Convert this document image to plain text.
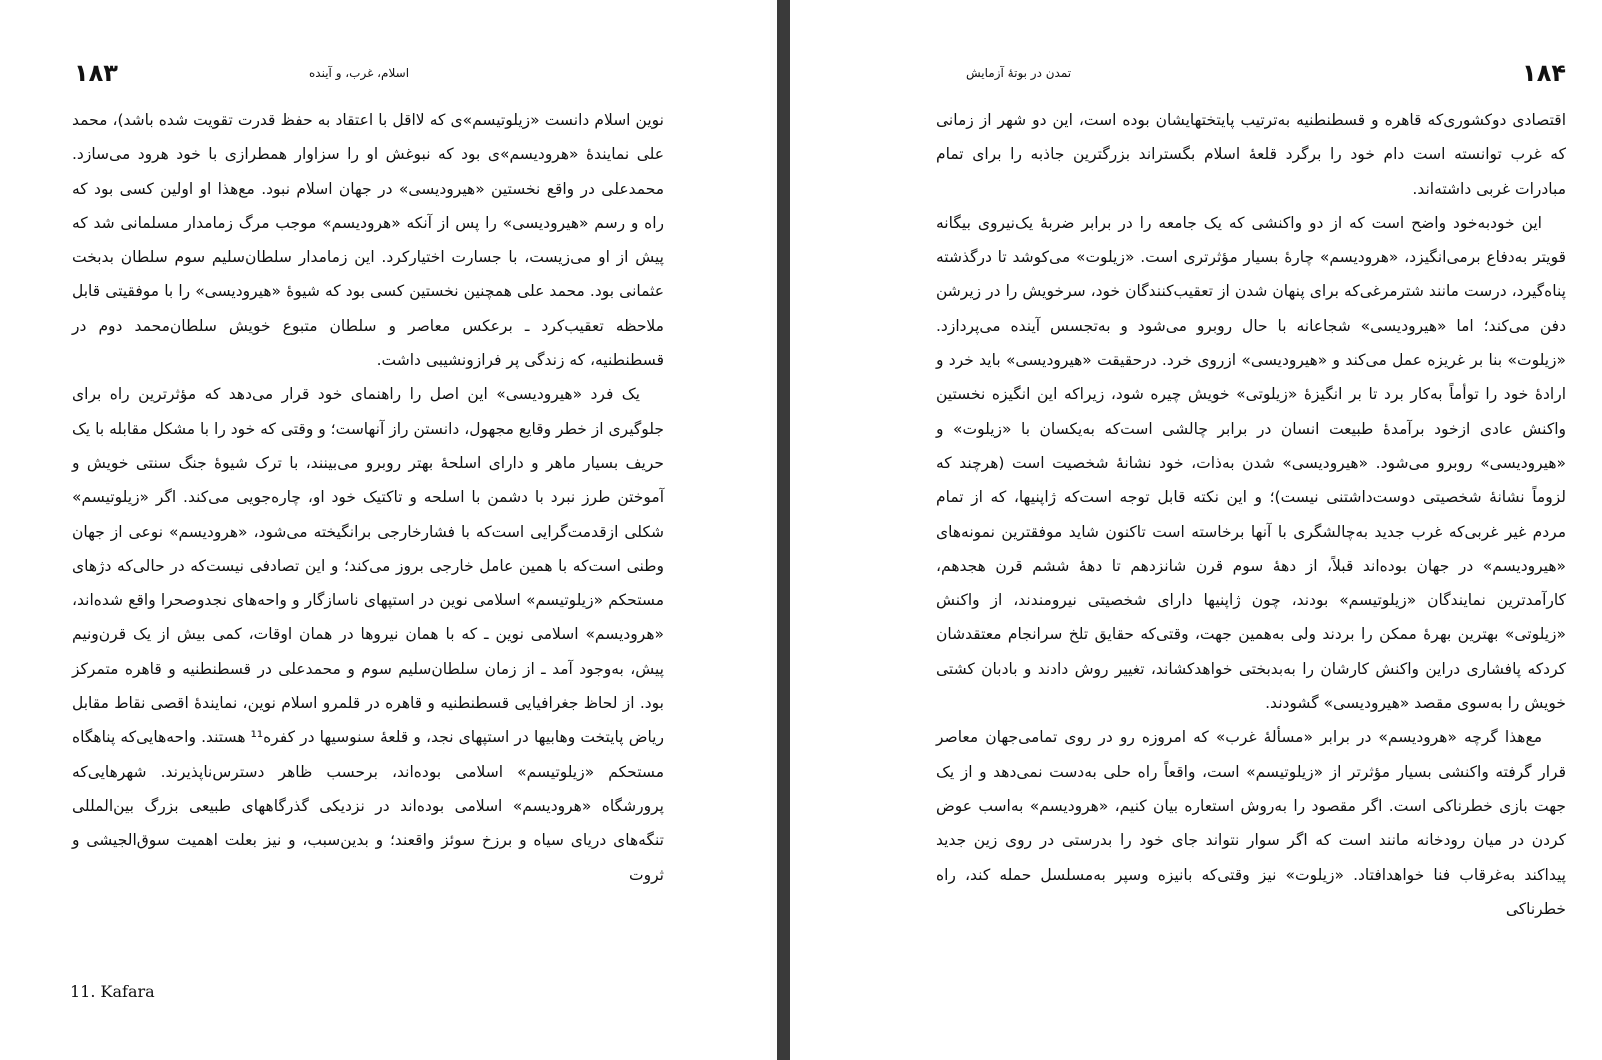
۱۸۳	اسلام، غرب، و آینده

نوین اسلام دانست «زیلوتیسم»ی که لااقل با اعتقاد به حفظ قدرت تقویت شده باشد)، محمد علی نمایندهٔ «هرودیسم»ی بود که نبوغش او را سزاوار همطرازی با خود هرود می‌سازد. محمدعلی در واقع نخستین «هیرودیسی» در جهان اسلام نبود. مع‌هذا او اولین کسی بود که راه و رسم «هیرودیسی» را پس از آنکه «هرودیسم» موجب مرگ زمامدار مسلمانی شد که پیش از او می‌زیست، با جسارت اختیارکرد. این زمامدار سلطان‌سلیم سوم سلطان بدبخت عثمانی بود. محمد علی همچنین نخستین کسی بود که شیوهٔ «هیرودیسی» را با موفقیتی قابل ملاحظه تعقیب‌کرد ـ برعکس معاصر و سلطان متبوع خویش سلطان‌محمد دوم در قسطنطنیه، که زندگی پر فرازونشیبی داشت.

یک فرد «هیرودیسی» این اصل را راهنمای خود قرار می‌دهد که مؤثرترین راه برای جلوگیری از خطر وقایع مجهول، دانستن راز آنهاست؛ و وقتی که خود را با مشکل مقابله با یک حریف بسیار ماهر و دارای اسلحهٔ بهتر روبرو می‌بینند، با ترک شیوهٔ جنگ سنتی خویش و آموختن طرز نبرد با دشمن با اسلحه و تاکتیک خود او، چاره‌جویی می‌کند. اگر «زیلوتیسم» شکلی ازقدمت‌گرایی است‌که با فشارخارجی برانگیخته می‌شود، «هرودیسم» نوعی از جهان وطنی است‌که با همین عامل خارجی بروز می‌کند؛ و این تصادفی نیست‌که در حالی‌که دژهای مستحکم «زیلوتیسم» اسلامی نوین در استپهای ناسازگار و واحه‌های نجدوصحرا واقع شده‌اند، «هرودیسم» اسلامی نوین ـ که با همان نیروها در همان اوقات، کمی بیش از یک قرن‌ونیم پیش، به‌وجود آمد ـ از زمان سلطان‌سلیم سوم و محمدعلی در قسطنطنیه و قاهره متمرکز بود. از لحاظ جغرافیایی قسطنطنیه و قاهره در قلمرو اسلام نوین، نمایندهٔ اقصی نقاط مقابل ریاض پایتخت وهابیها در استپهای نجد، و قلعهٔ سنوسیها در کفره¹¹ هستند. واحه‌هایی‌که پناهگاه مستحکم «زیلوتیسم» اسلامی بوده‌اند، برحسب ظاهر دسترس‌ناپذیرند. شهرهایی‌که پرورشگاه «هرودیسم» اسلامی بوده‌اند در نزدیکی گذرگاههای طبیعی بزرگ بین‌المللی تنگه‌های دریای سیاه و برزخ سوئز واقعند؛ و بدین‌سبب، و نیز بعلت اهمیت سوق‌الجیشی و ثروت

11. Kafara
تمدن در بوتهٔ آزمایش	۱۸۴

اقتصادی دوکشوری‌که قاهره و قسطنطنیه به‌ترتیب پایتختهایشان بوده است، این دو شهر از زمانی که غرب توانسته است دام خود را برگرد قلعهٔ اسلام بگستراند بزرگترین جاذبه را برای تمام مبادرات غربی داشته‌اند.

این خودبه‌خود واضح است که از دو واکنشی که یک جامعه را در برابر ضربهٔ یک‌نیروی بیگانه قویتر به‌دفاع برمی‌انگیزد، «هرودیسم» چارهٔ بسیار مؤثرتری است. «زیلوت» می‌کوشد تا درگذشته پناه‌گیرد، درست مانند شترمرغی‌که برای پنهان شدن از تعقیب‌کنندگان خود، سرخویش را در زیرشن دفن می‌کند؛ اما «هیرودیسی» شجاعانه با حال روبرو می‌شود و به‌تجسس آینده می‌پردازد. «زیلوت» بنا بر غریزه عمل می‌کند و «هیرودیسی» ازروی خرد. درحقیقت «هیرودیسی» باید خرد و ارادهٔ خود را توأماً به‌کار برد تا بر انگیزهٔ «زیلوتی» خویش چیره شود، زیراکه این انگیزه نخستین واکنش عادی ازخود برآمدهٔ طبیعت انسان در برابر چالشی است‌که به‌یکسان با «زیلوت» و «هیرودیسی» روبرو می‌شود. «هیرودیسی» شدن به‌ذات، خود نشانهٔ شخصیت است (هرچند که لزوماً نشانهٔ شخصیتی دوست‌داشتنی نیست)؛ و این نکته قابل توجه است‌که ژاپنیها، که از تمام مردم غیر غربی‌که غرب جدید به‌چالشگری با آنها برخاسته است تاکنون شاید موفقترین نمونه‌های «هیرودیسم» در جهان بوده‌اند قبلاً، از دههٔ سوم قرن شانزدهم تا دههٔ ششم قرن هجدهم، کارآمدترین نمایندگان «زیلوتیسم» بودند، چون ژاپنیها دارای شخصیتی نیرومندند، از واکنش «زیلوتی» بهترین بهرهٔ ممکن را بردند ولی به‌همین جهت، وقتی‌که حقایق تلخ سرانجام معتقدشان کردکه پافشاری دراین واکنش کارشان را به‌بدبختی خواهدکشاند، تغییر روش دادند و بادبان کشتی خویش را به‌سوی مقصد «هیرودیسی» گشودند.

مع‌هذا گرچه «هرودیسم» در برابر «مسألهٔ غرب» که امروزه رو در روی تمامی‌جهان معاصر قرار گرفته واکنشی بسیار مؤثرتر از «زیلوتیسم» است، واقعاً راه حلی به‌دست نمی‌دهد و از یک جهت بازی خطرناکی است. اگر مقصود را به‌روش استعاره بیان کنیم، «هرودیسم» به‌اسب عوض کردن در میان رودخانه مانند است که اگر سوار نتواند جای خود را بدرستی در روی زین جدید پیداکند به‌غرقاب فنا خواهدافتاد. «زیلوت» نیز وقتی‌که بانیزه وسپر به‌مسلسل حمله کند، راه خطرناکی
